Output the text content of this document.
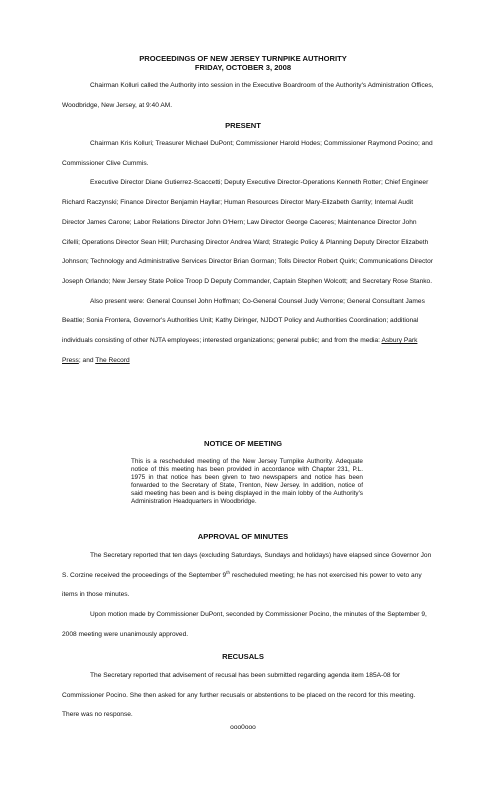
PROCEEDINGS OF NEW JERSEY TURNPIKE AUTHORITY
FRIDAY, OCTOBER 3, 2008

Chairman Kolluri called the Authority into session in the Executive Boardroom of the Authority's Administration Offices, Woodbridge, New Jersey, at 9:40 AM.

PRESENT

Chairman Kris Kolluri; Treasurer Michael DuPont; Commissioner Harold Hodes; Commissioner Raymond Pocino; and Commissioner Clive Cummis.

Executive Director Diane Gutierrez-Scaccetti; Deputy Executive Director-Operations Kenneth Rotter; Chief Engineer Richard Raczynski; Finance Director Benjamin Hayllar; Human Resources Director Mary-Elizabeth Garrity; Internal Audit Director James Carone; Labor Relations Director John O'Hern; Law Director George Caceres; Maintenance Director John Cifelli; Operations Director Sean Hill; Purchasing Director Andrea Ward; Strategic Policy & Planning Deputy Director Elizabeth Johnson; Technology and Administrative Services Director Brian Gorman; Tolls Director Robert Quirk; Communications Director Joseph Orlando; New Jersey State Police Troop D Deputy Commander, Captain Stephen Wolcott; and Secretary Rose Stanko.

Also present were: General Counsel John Hoffman; Co-General Counsel Judy Verrone; General Consultant James Beattie; Sonia Frontera, Governor's Authorities Unit; Kathy Diringer, NJDOT Policy and Authorities Coordination; additional individuals consisting of other NJTA employees; interested organizations; general public; and from the media: Asbury Park Press; and The Record

NOTICE OF MEETING
This is a rescheduled meeting of the New Jersey Turnpike Authority. Adequate notice of this meeting has been provided in accordance with Chapter 231, P.L. 1975 in that notice has been given to two newspapers and notice has been forwarded to the Secretary of State, Trenton, New Jersey. In addition, notice of said meeting has been and is being displayed in the main lobby of the Authority's Administration Headquarters in Woodbridge.
APPROVAL OF MINUTES

The Secretary reported that ten days (excluding Saturdays, Sundays and holidays) have elapsed since Governor Jon S. Corzine received the proceedings of the September 9th rescheduled meeting; he has not exercised his power to veto any items in those minutes.

Upon motion made by Commissioner DuPont, seconded by Commissioner Pocino, the minutes of the September 9, 2008 meeting were unanimously approved.

RECUSALS

The Secretary reported that advisement of recusal has been submitted regarding agenda item 185A-08 for Commissioner Pocino. She then asked for any further recusals or abstentions to be placed on the record for this meeting. There was no response.

ooo0ooo
